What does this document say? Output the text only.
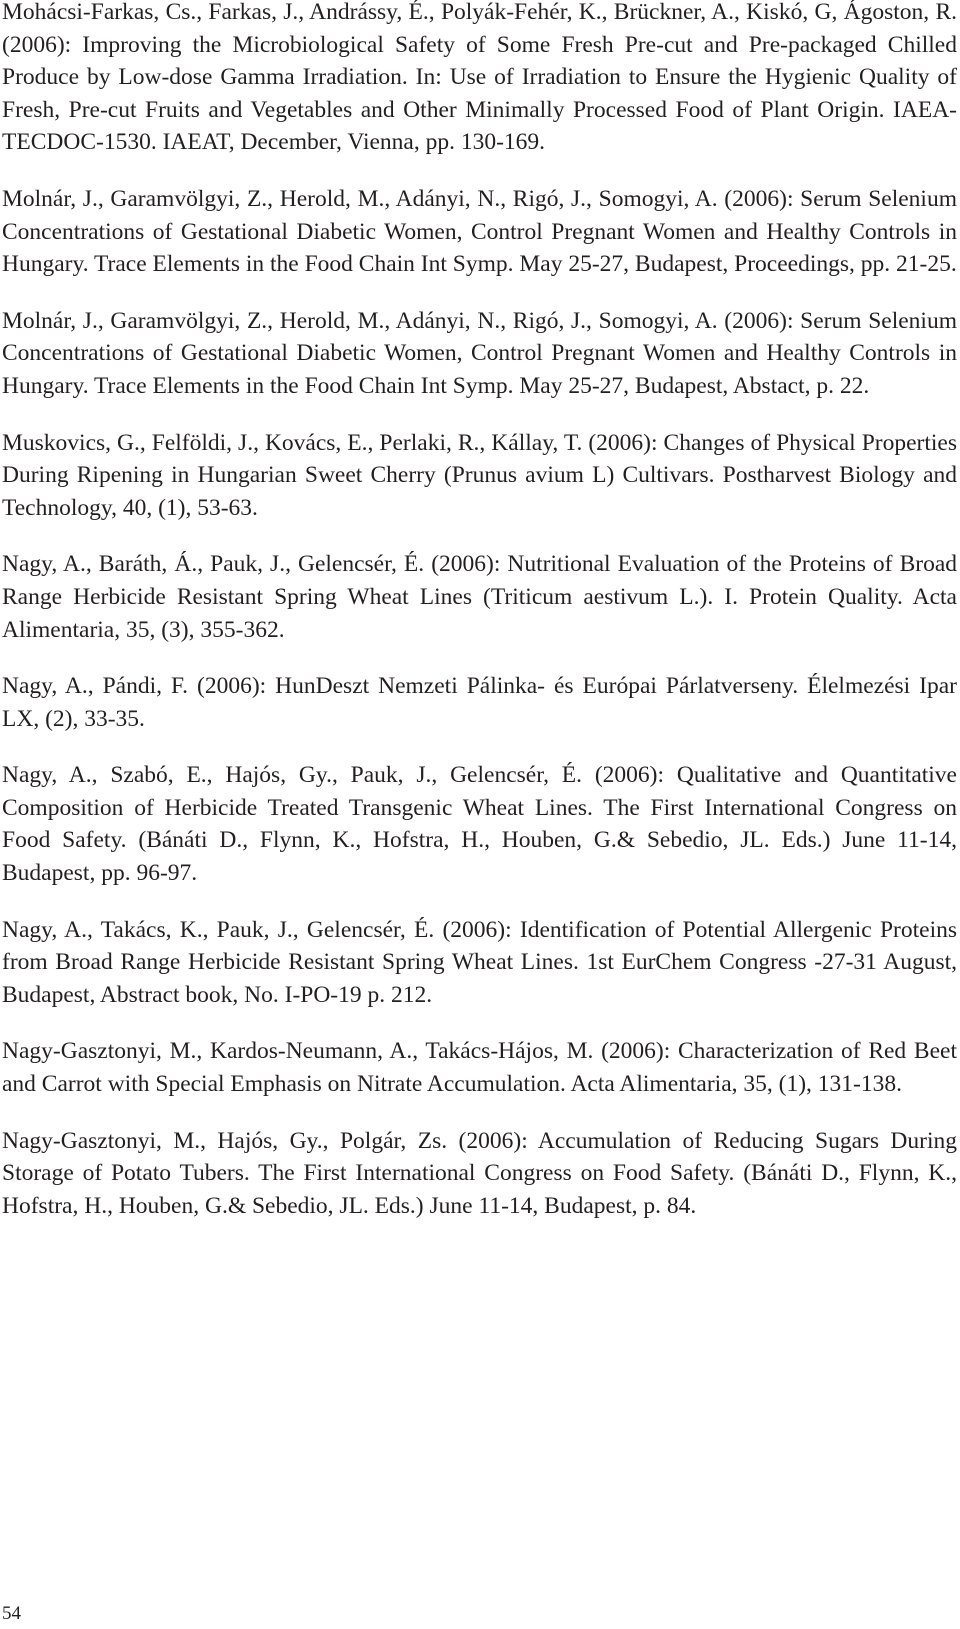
Mohácsi-Farkas, Cs., Farkas, J., Andrássy, É., Polyák-Fehér, K., Brückner, A., Kiskó, G, Ágoston, R. (2006): Improving the Microbiological Safety of Some Fresh Pre-cut and Pre-packaged Chilled Produce by Low-dose Gamma Irradiation. In: Use of Irradiation to Ensure the Hygienic Quality of Fresh, Pre-cut Fruits and Vegetables and Other Minimally Processed Food of Plant Origin. IAEA-TECDOC-1530. IAEAT, December, Vienna, pp. 130-169.
Molnár, J., Garamvölgyi, Z., Herold, M., Adányi, N., Rigó, J., Somogyi, A. (2006): Serum Selenium Concentrations of Gestational Diabetic Women, Control Pregnant Women and Healthy Controls in Hungary. Trace Elements in the Food Chain Int Symp. May 25-27, Budapest, Proceedings, pp. 21-25.
Molnár, J., Garamvölgyi, Z., Herold, M., Adányi, N., Rigó, J., Somogyi, A. (2006): Serum Selenium Concentrations of Gestational Diabetic Women, Control Pregnant Women and Healthy Controls in Hungary. Trace Elements in the Food Chain Int Symp. May 25-27, Budapest, Abstact, p. 22.
Muskovics, G., Felföldi, J., Kovács, E., Perlaki, R., Kállay, T. (2006): Changes of Physical Properties During Ripening in Hungarian Sweet Cherry (Prunus avium L) Cultivars. Postharvest Biology and Technology, 40, (1), 53-63.
Nagy, A., Baráth, Á., Pauk, J., Gelencsér, É. (2006): Nutritional Evaluation of the Proteins of Broad Range Herbicide Resistant Spring Wheat Lines (Triticum aestivum L.). I. Protein Quality. Acta Alimentaria, 35, (3), 355-362.
Nagy, A., Pándi, F. (2006): HunDeszt Nemzeti Pálinka- és Európai Párlatverseny. Élelmezési Ipar LX, (2), 33-35.
Nagy, A., Szabó, E., Hajós, Gy., Pauk, J., Gelencsér, É. (2006): Qualitative and Quantitative Composition of Herbicide Treated Transgenic Wheat Lines. The First International Congress on Food Safety. (Bánáti D., Flynn, K., Hofstra, H., Houben, G.& Sebedio, JL. Eds.) June 11-14, Budapest, pp. 96-97.
Nagy, A., Takács, K., Pauk, J., Gelencsér, É. (2006): Identification of Potential Allergenic Proteins from Broad Range Herbicide Resistant Spring Wheat Lines. 1st EurChem Congress -27-31 August, Budapest, Abstract book, No. I-PO-19 p. 212.
Nagy-Gasztonyi, M., Kardos-Neumann, A., Takács-Hájos, M. (2006): Characterization of Red Beet and Carrot with Special Emphasis on Nitrate Accumulation. Acta Alimentaria, 35, (1), 131-138.
Nagy-Gasztonyi, M., Hajós, Gy., Polgár, Zs. (2006): Accumulation of Reducing Sugars During Storage of Potato Tubers. The First International Congress on Food Safety. (Bánáti D., Flynn, K., Hofstra, H., Houben, G.& Sebedio, JL. Eds.) June 11-14, Budapest, p. 84.
54
